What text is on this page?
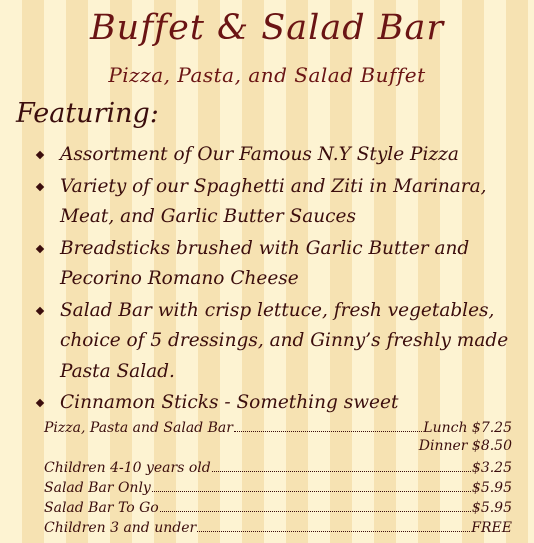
Buffet & Salad Bar
Pizza, Pasta, and Salad Buffet
Featuring:
Assortment of Our Famous N.Y Style Pizza
Variety of our Spaghetti and Ziti in Marinara, Meat, and Garlic Butter Sauces
Breadsticks brushed with Garlic Butter and Pecorino Romano Cheese
Salad Bar with crisp lettuce, fresh vegetables, choice of 5 dressings, and Ginny’s freshly made Pasta Salad.
Cinnamon Sticks - Something sweet
Pizza, Pasta and Salad Bar	Lunch $7.25
Dinner $8.50
Children 4-10 years old	$3.25
Salad Bar Only	$5.95
Salad Bar To Go	$5.95
Children 3 and under	FREE
